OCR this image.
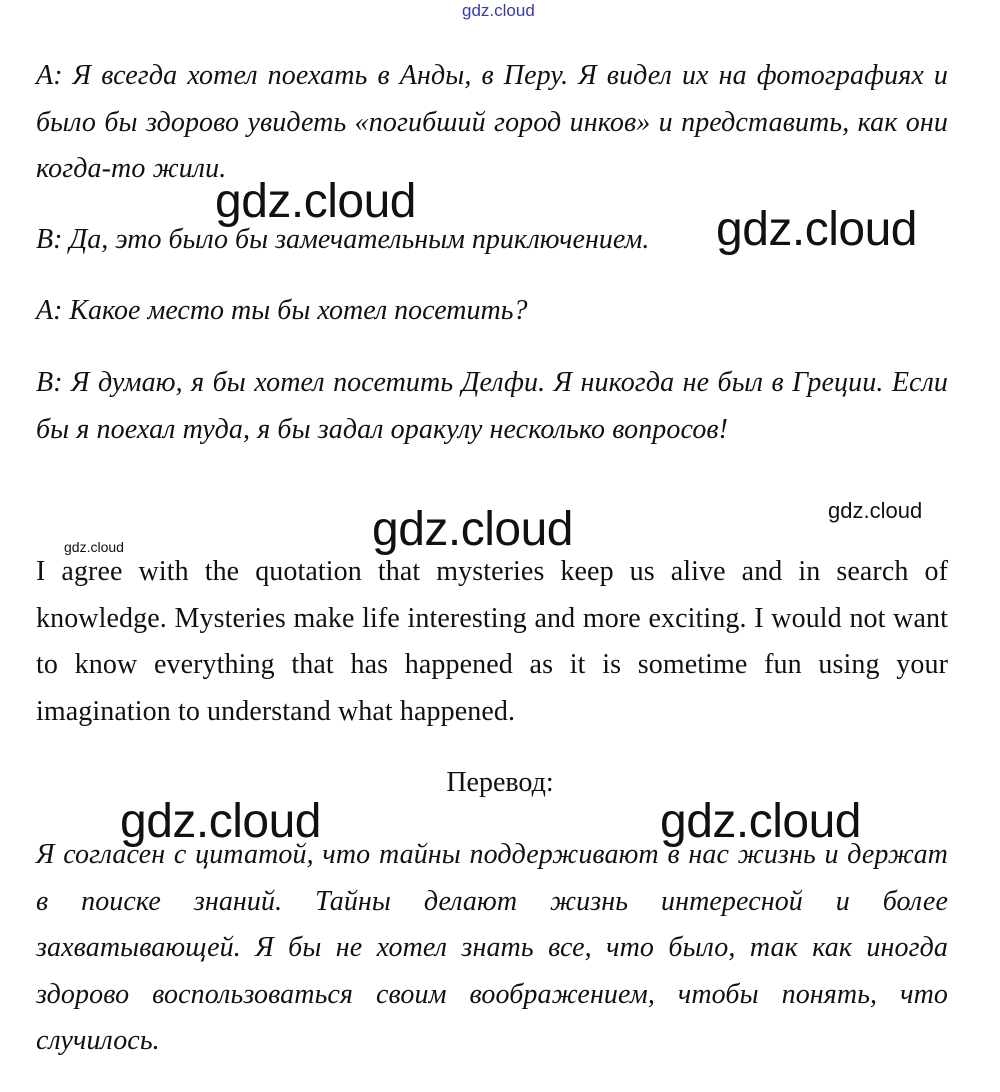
gdz.cloud
gdz.cloud
gdz.cloud
gdz.cloud	gdz.cloud
gdz.cloud
gdz.cloud	gdz.cloud

A: Я всегда хотел поехать в Анды, в Перу. Я видел их на фотографиях и было бы здорово увидеть «погибший город инков» и представить, как они когда-то жили.

B: Да, это было бы замечательным приключением.

A: Какое место ты бы хотел посетить?

B: Я думаю, я бы хотел посетить Делфи. Я никогда не был в Греции. Если бы я поехал туда, я бы задал оракулу несколько вопросов!

I agree with the quotation that mysteries keep us alive and in search of knowledge. Mysteries make life interesting and more exciting. I would not want to know everything that has happened as it is sometime fun using your imagination to understand what happened.

Перевод:

Я согласен с цитатой, что тайны поддерживают в нас жизнь и держат в поиске знаний. Тайны делают жизнь интересной и более захватывающей. Я бы не хотел знать все, что было, так как иногда здорово воспользоваться своим воображением, чтобы понять, что случилось.
